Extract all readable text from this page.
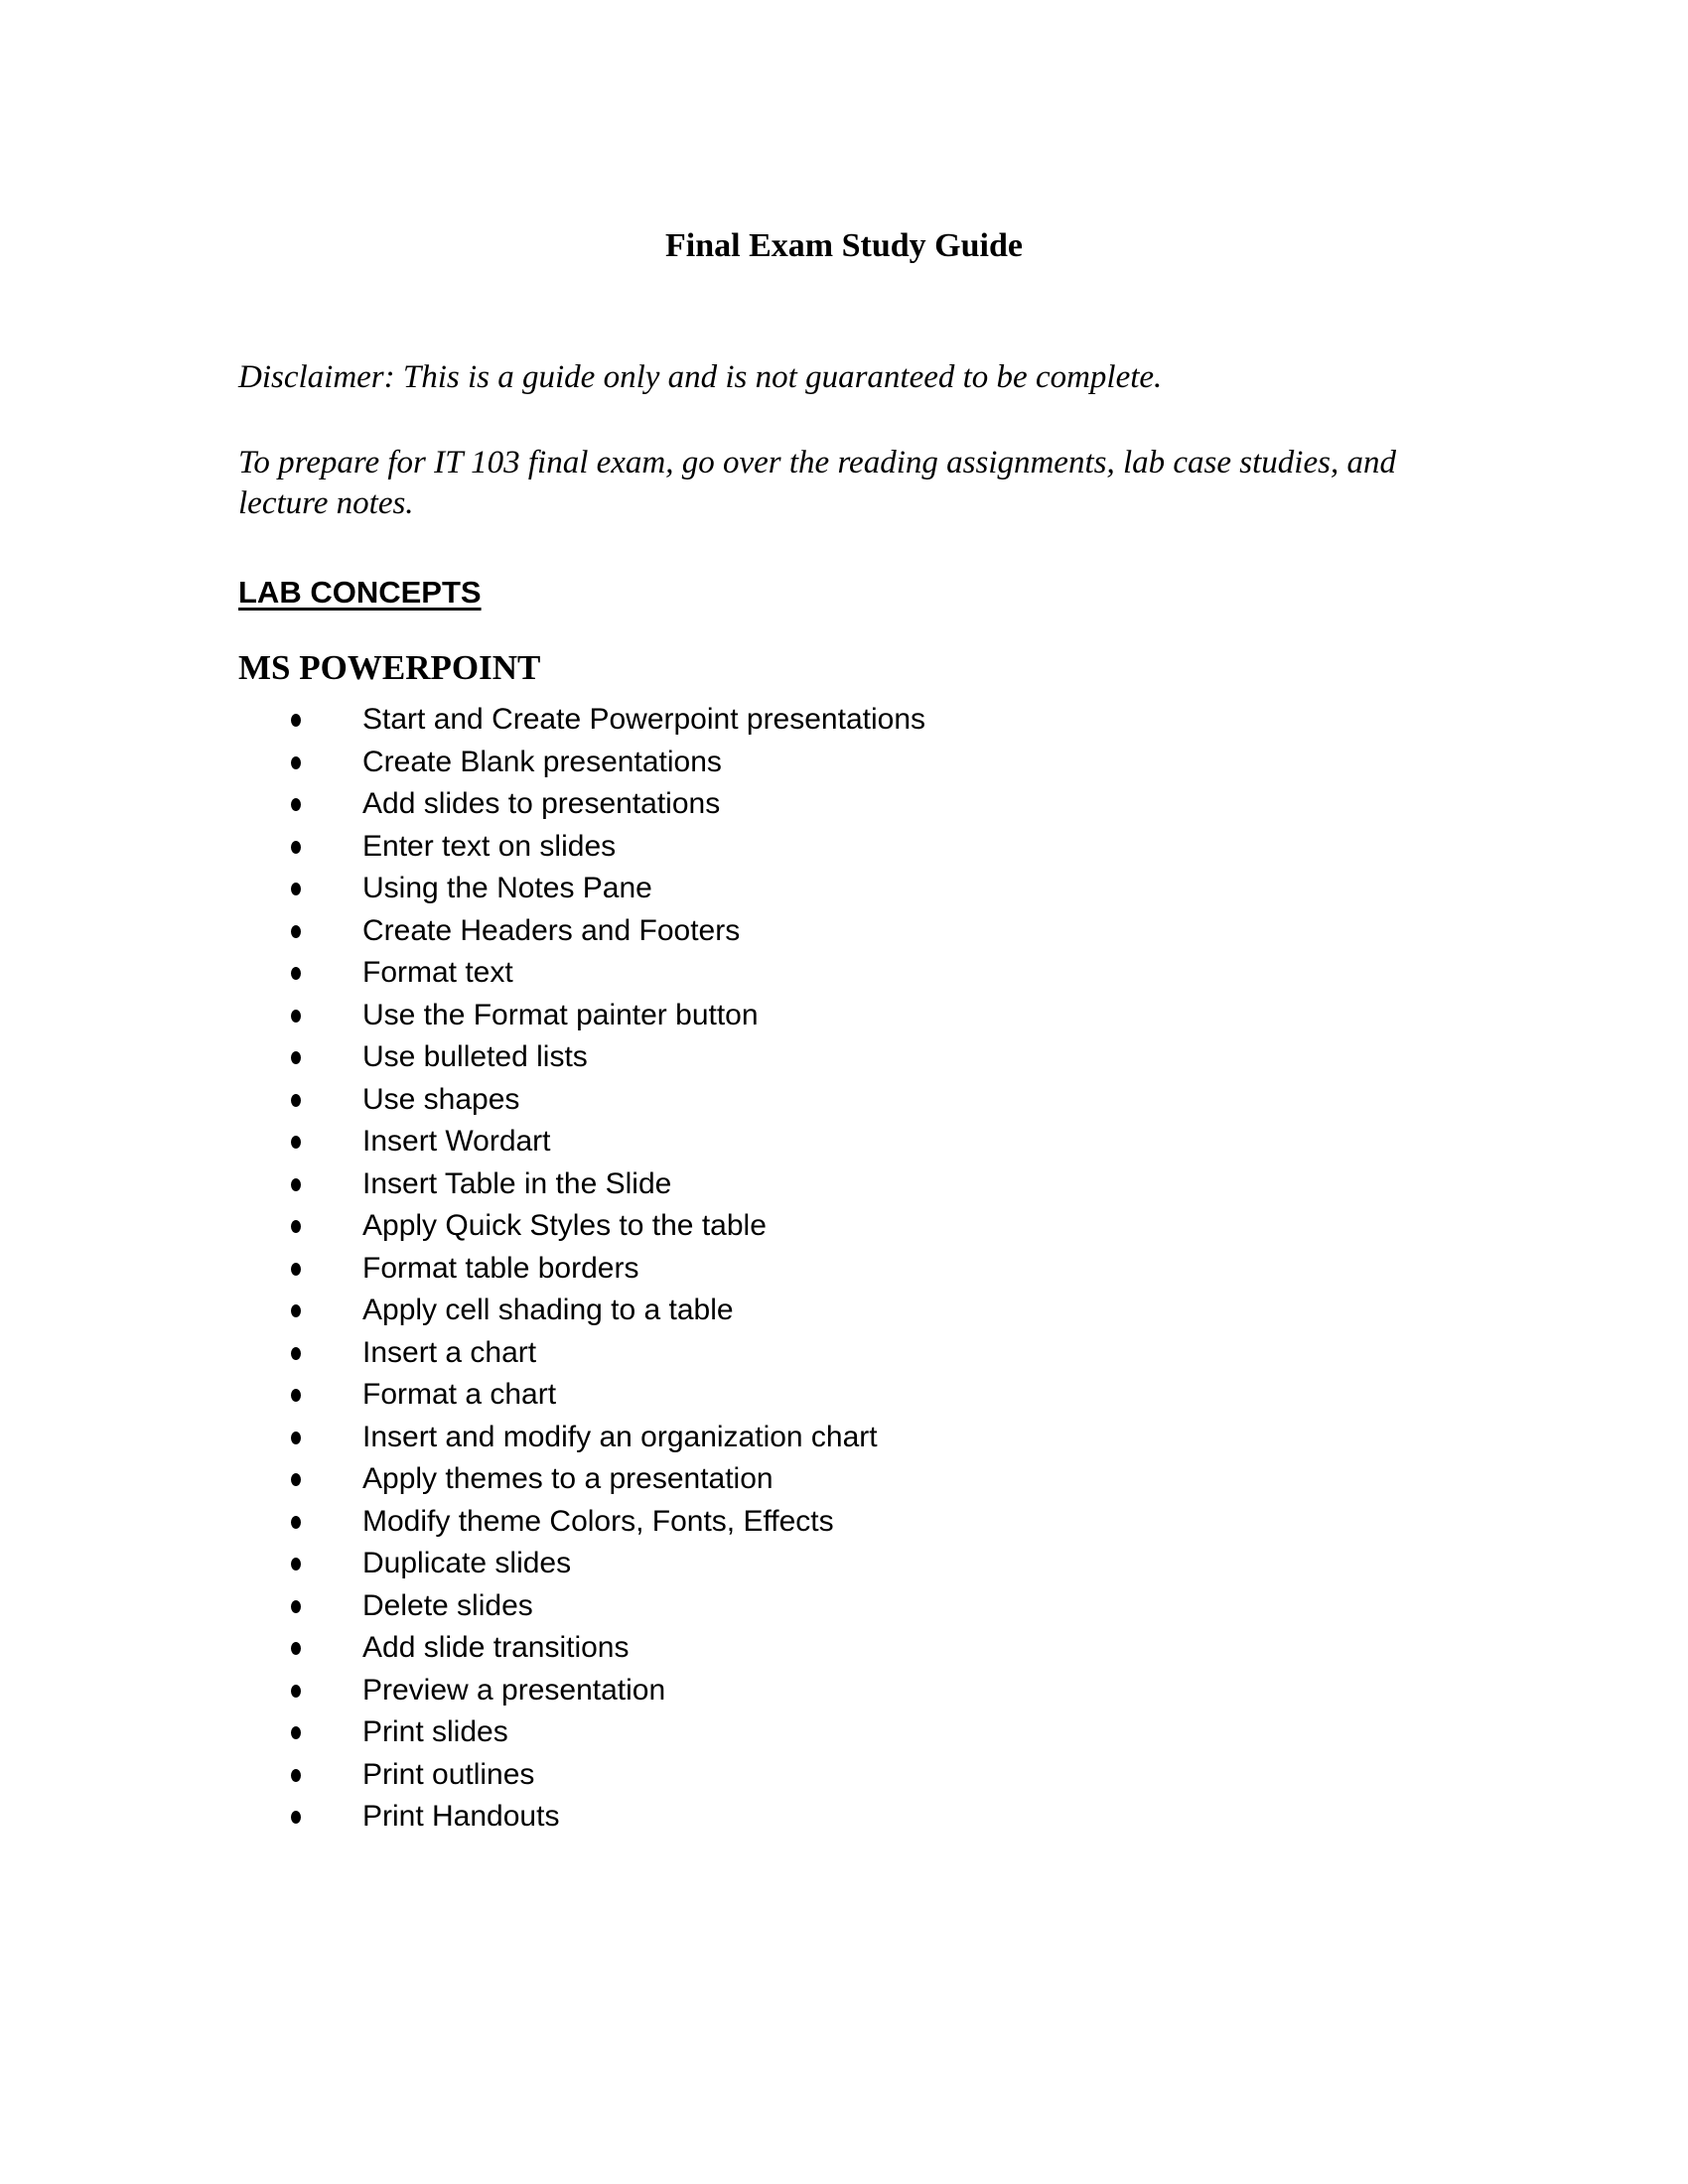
Final Exam Study Guide

Disclaimer: This is a guide only and is not guaranteed to be complete.

To prepare for IT 103 final exam, go over the reading assignments, lab case studies, and lecture notes.

LAB CONCEPTS
MS POWERPOINT
Start and Create Powerpoint presentations
Create Blank presentations
Add slides to presentations
Enter text on slides
Using the Notes Pane
Create Headers and Footers
Format text
Use the Format painter button
Use bulleted lists
Use shapes
Insert Wordart
Insert Table in the Slide
Apply Quick Styles to the table
Format table borders
Apply cell shading to a table
Insert a chart
Format a chart
Insert and modify an organization chart
Apply themes to a presentation
Modify theme Colors, Fonts, Effects
Duplicate slides
Delete slides
Add slide transitions
Preview a presentation
Print slides
Print outlines
Print Handouts
